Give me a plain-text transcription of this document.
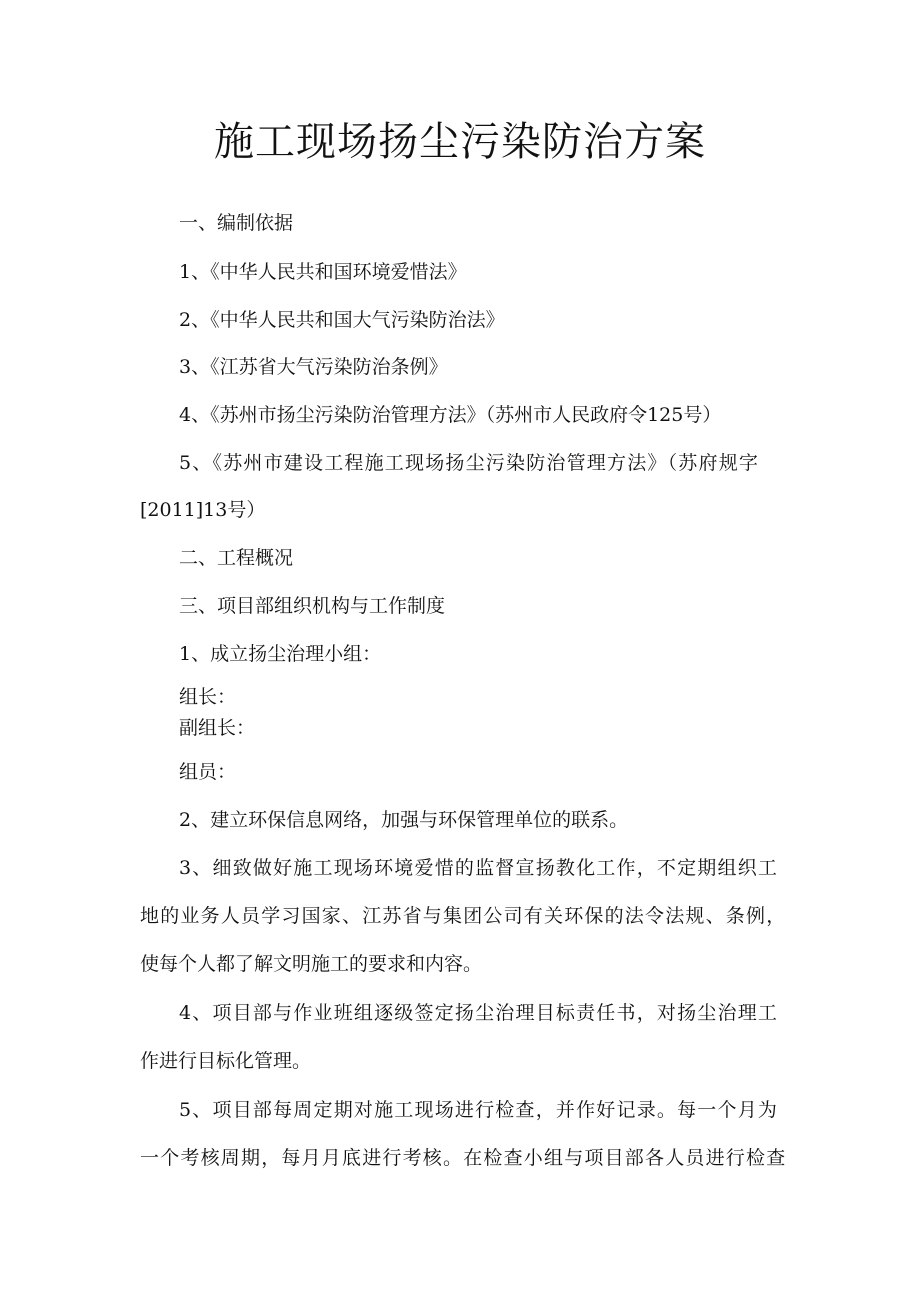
施工现场扬尘污染防治方案

一、编制依据

1、《中华人民共和国环境爱惜法》

2、《中华人民共和国大气污染防治法》

3、《江苏省大气污染防治条例》

4、《苏州市扬尘污染防治管理方法》（苏州市人民政府令125号）

5、《苏州市建设工程施工现场扬尘污染防治管理方法》（苏府规字

[2011]13号）

二、工程概况

三、项目部组织机构与工作制度

1、成立扬尘治理小组：

组长：

副组长：

组员：

2、建立环保信息网络，加强与环保管理单位的联系。

3、细致做好施工现场环境爱惜的监督宣扬教化工作，不定期组织工

地的业务人员学习国家、江苏省与集团公司有关环保的法令法规、条例，

使每个人都了解文明施工的要求和内容。

4、项目部与作业班组逐级签定扬尘治理目标责任书，对扬尘治理工

作进行目标化管理。

5、项目部每周定期对施工现场进行检查，并作好记录。每一个月为

一个考核周期，每月月底进行考核。在检查小组与项目部各人员进行检查
